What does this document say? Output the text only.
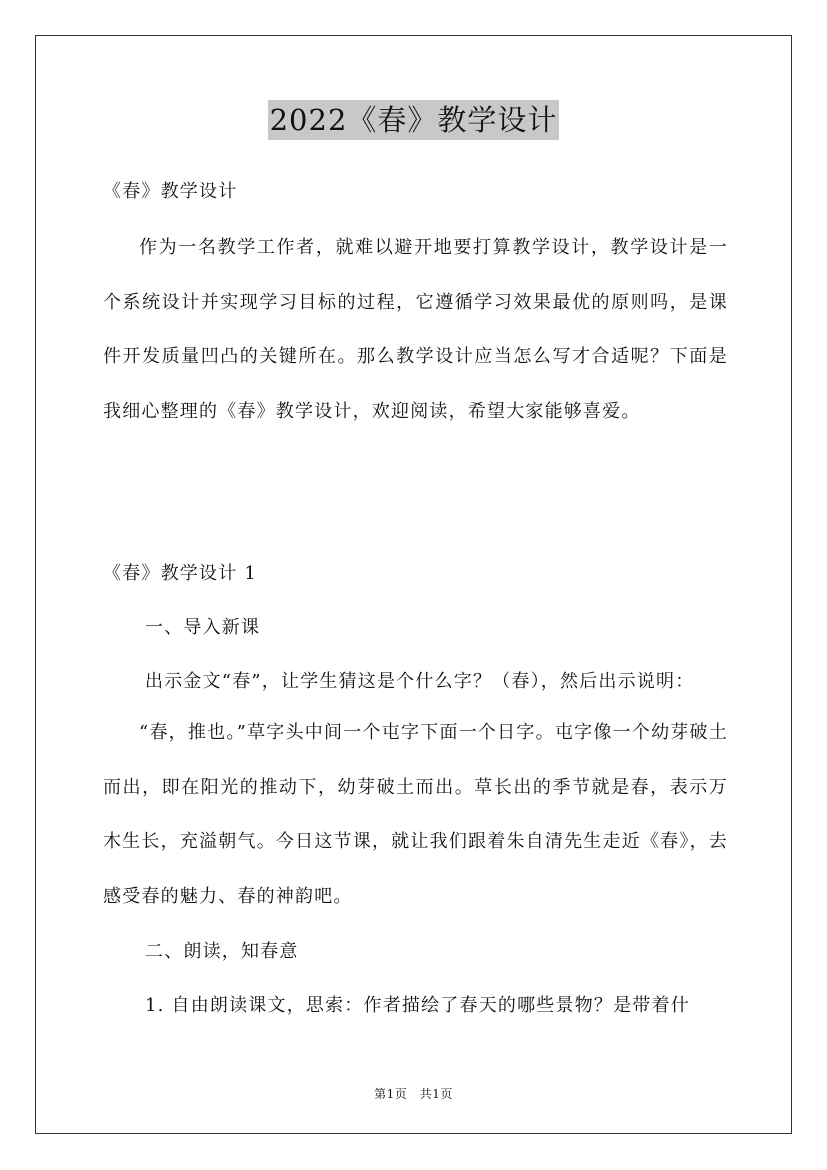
2022《春》教学设计
《春》教学设计

作为一名教学工作者，就难以避开地要打算教学设计，教学设计是一个系统设计并实现学习目标的过程，它遵循学习效果最优的原则吗，是课件开发质量凹凸的关键所在。那么教学设计应当怎么写才合适呢？下面是我细心整理的《春》教学设计，欢迎阅读，希望大家能够喜爱。

《春》教学设计 1
一、导入新课
出示金文“春”，让学生猜这是个什么字？（春），然后出示说明：

“春，推也。”草字头中间一个屯字下面一个日字。屯字像一个幼芽破土而出，即在阳光的推动下，幼芽破土而出。草长出的季节就是春，表示万木生长，充溢朝气。今日这节课，就让我们跟着朱自清先生走近《春》，去感受春的魅力、春的神韵吧。

二、朗读，知春意
1. 自由朗读课文，思索：作者描绘了春天的哪些景物？是带着什
第1页　共1页
